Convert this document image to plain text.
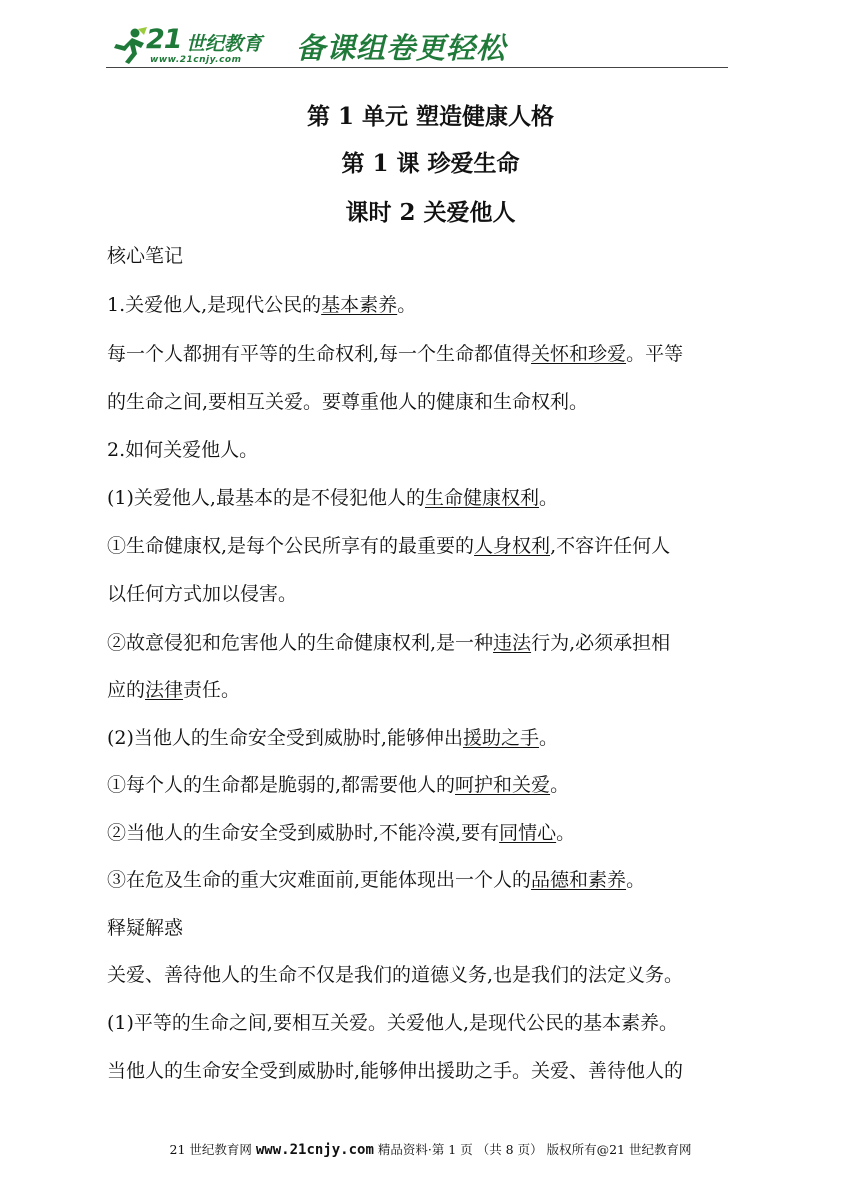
21 世纪教育
www.21cnjy.com 备课组卷更轻松
第 1 单元 塑造健康人格
第 1 课 珍爱生命
课时 2 关爱他人
核心笔记
1.关爱他人,是现代公民的基本素养。
每一个人都拥有平等的生命权利,每一个生命都值得关怀和珍爱。平等
的生命之间,要相互关爱。要尊重他人的健康和生命权利。
2.如何关爱他人。
(1)关爱他人,最基本的是不侵犯他人的生命健康权利。
①生命健康权,是每个公民所享有的最重要的人身权利,不容许任何人
以任何方式加以侵害。
②故意侵犯和危害他人的生命健康权利,是一种违法行为,必须承担相
应的法律责任。
(2)当他人的生命安全受到威胁时,能够伸出援助之手。
①每个人的生命都是脆弱的,都需要他人的呵护和关爱。
②当他人的生命安全受到威胁时,不能冷漠,要有同情心。
③在危及生命的重大灾难面前,更能体现出一个人的品德和素养。
释疑解惑
关爱、善待他人的生命不仅是我们的道德义务,也是我们的法定义务。
(1)平等的生命之间,要相互关爱。关爱他人,是现代公民的基本素养。
当他人的生命安全受到威胁时,能够伸出援助之手。关爱、善待他人的
21 世纪教育网 www.21cnjy.com 精品资料·第 1 页 （共 8 页） 版权所有@21 世纪教育网
